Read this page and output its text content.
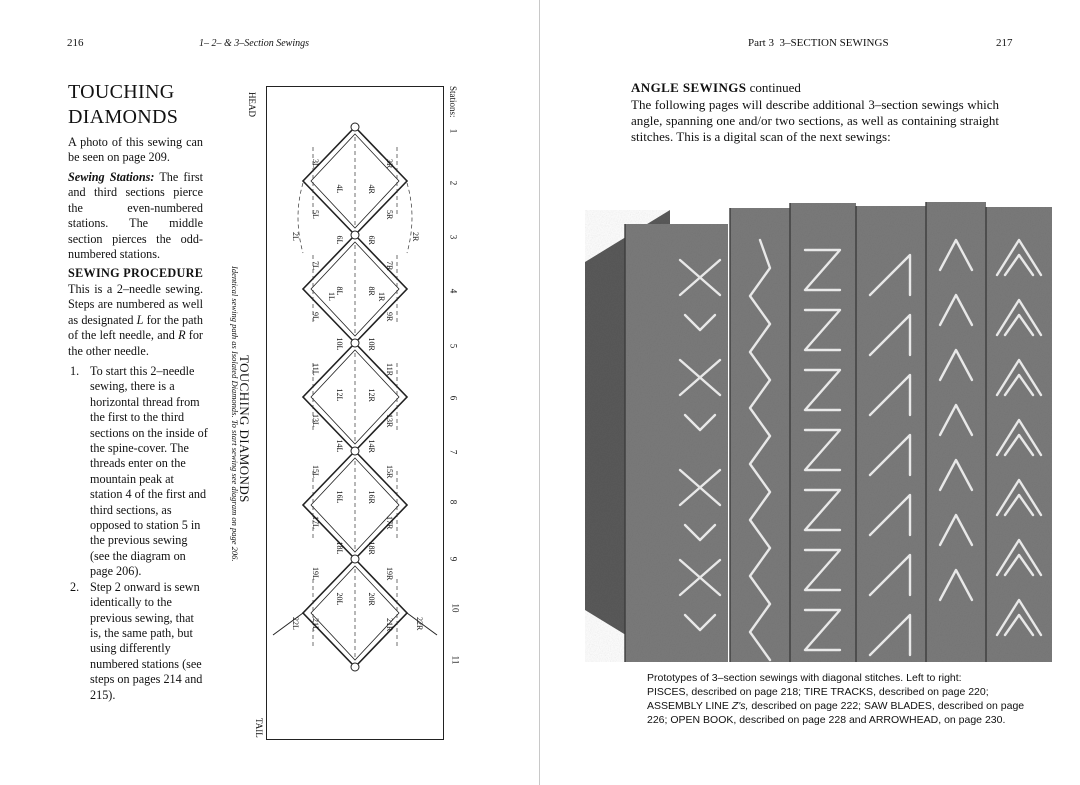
216	1– 2– & 3–Section Sewings
TOUCHING
DIAMONDS
A photo of this sewing can be seen on page 209.
Sewing Stations: The first and third sections pierce the even-numbered stations. The middle section pierces the odd-numbered stations.
SEWING PROCEDURE
This is a 2–needle sewing. Steps are numbered as well as designated L for the path of the left needle, and R for the other needle.
1. To start this 2–needle sewing, there is a horizontal thread from the first to the third sections on the inside of the spine-cover. The threads enter on the mountain peak at station 4 of the first and third sections, as opposed to station 5 in the previous sewing (see the diagram on page 206).
2. Step 2 onward is sewn identically to the previous sewing, that is, the same path, but using differently numbered stations (see steps on pages 214 and 215).
3L
4L
5L
6L
7L
8L
9L
10L
11L
12L
13L
14L
15L
16L
17L
18L
19L
20L
21L
3R
4R
5R
6R
7R
8R
9R
10R
11R
12R
13R
14R
15R
16R
17R
18R
19R
20R
21R
2L	2R
1L	1R
22L	22R
HEAD
TAIL
Stations:
TOUCHING DIAMONDS
Identical sewing path as Isolated Diamonds. To start sewing see diagram on page 206.
1
2
3
4
5
6
7
8
9
10
11
Part 3 3–SECTION SEWINGS	217
ANGLE SEWINGS continued
The following pages will describe additional 3–section sewings which angle, spanning one and/or two sections, as well as containing straight stitches. This is a digital scan of the next sewings:

Prototypes of 3–section sewings with diagonal stitches. Left to right:

PISCES, described on page 218; TIRE TRACKS, described on page 220; ASSEMBLY LINE Z's, described on page 222; SAW BLADES, described on page 226; OPEN BOOK, described on page 228 and ARROWHEAD, on page 230.
